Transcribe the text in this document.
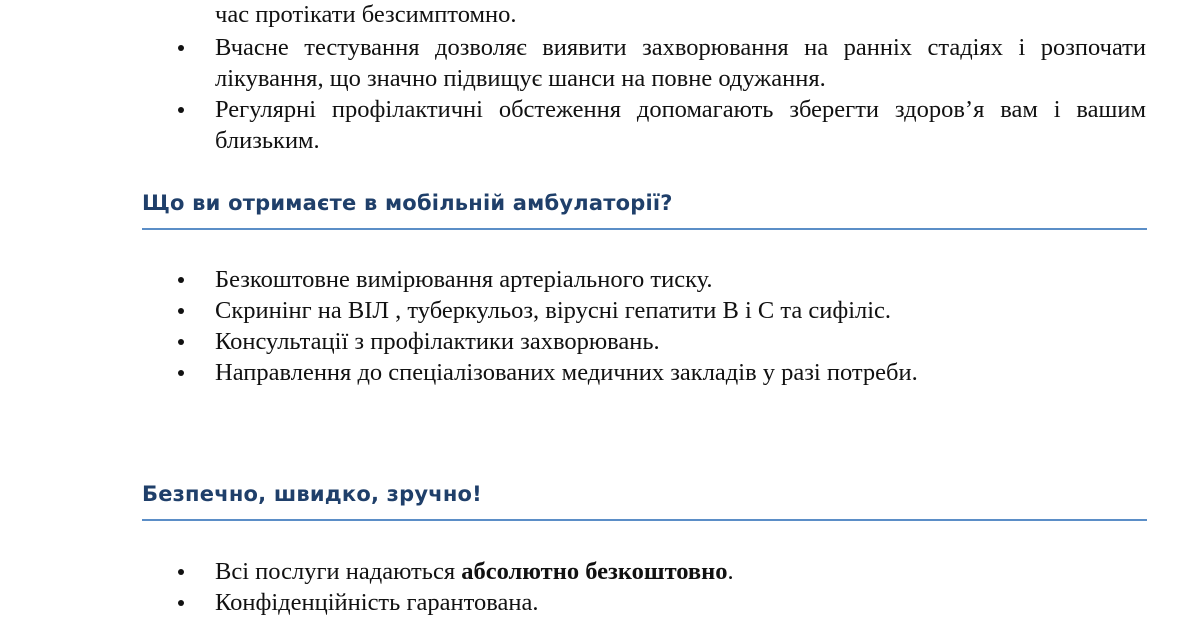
час протікати безсимптомно.
Вчасне тестування дозволяє виявити захворювання на ранніх стадіях і розпочати лікування, що значно підвищує шанси на повне одужання.
Регулярні профілактичні обстеження допомагають зберегти здоров’я вам і вашим близьким.
Що ви отримаєте в мобільній амбулаторії?
Безкоштовне вимірювання артеріального тиску.
Скринінг на ВІЛ , туберкульоз, вірусні гепатити В і С та сифіліс.
Консультації з профілактики захворювань.
Направлення до спеціалізованих медичних закладів у разі потреби.
Безпечно, швидко, зручно!
Всі послуги надаються абсолютно безкоштовно.
Конфіденційність гарантована.
